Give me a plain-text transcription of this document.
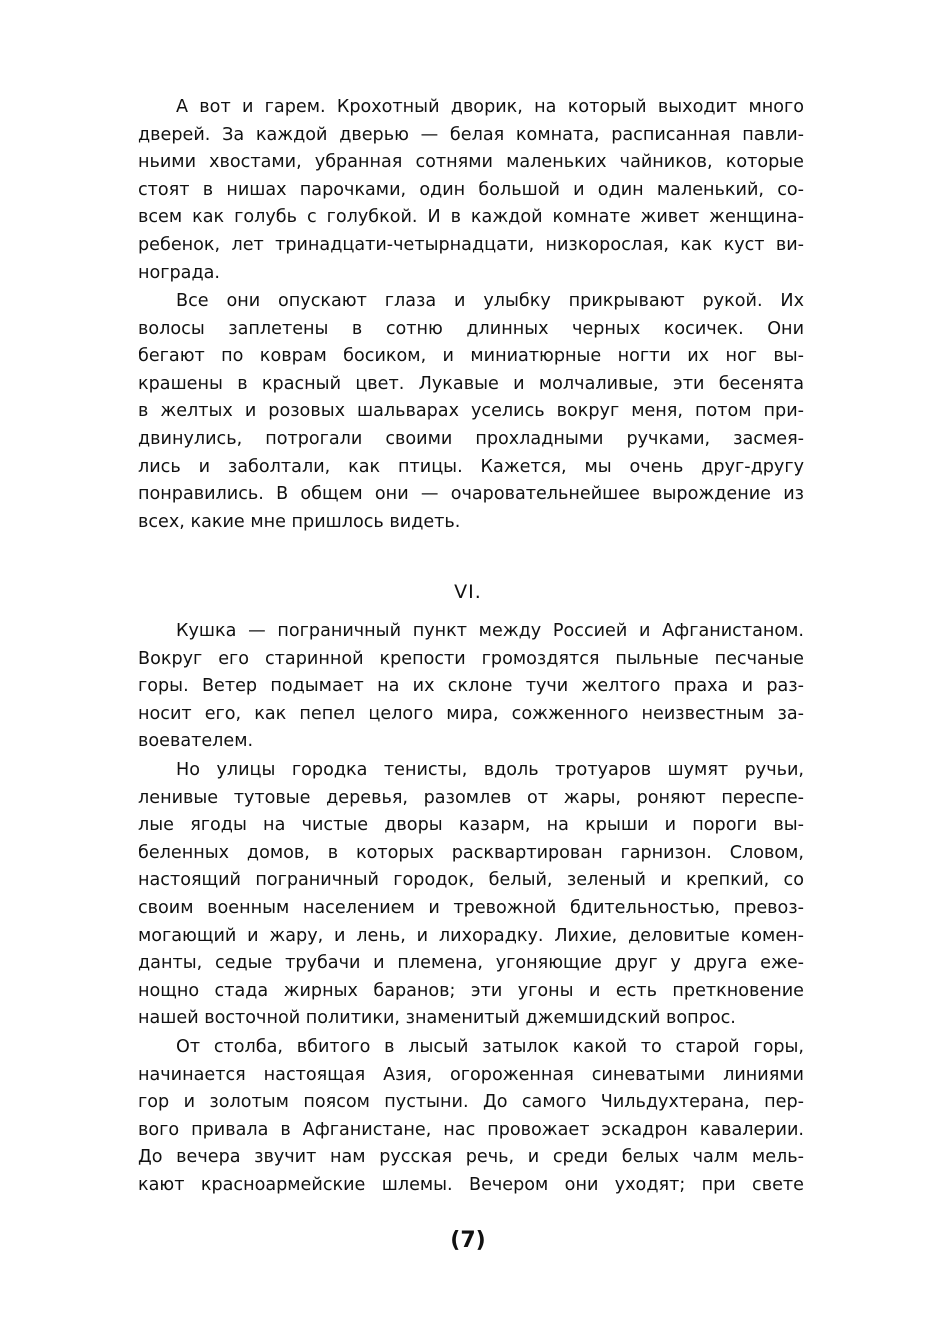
А вот и гарем. Крохотный дворик, на который выходит много
дверей. За каждой дверью — белая комната, расписанная павли-
ньими хвостами, убранная сотнями маленьких чайников, которые
стоят в нишах парочками, один большой и один маленький, со-
всем как голубь с голубкой. И в каждой комнате живет женщина-
ребенок, лет тринадцати-четырнадцати, низкорослая, как куст ви-
нограда.
Все они опускают глаза и улыбку прикрывают рукой. Их
волосы заплетены в сотню длинных черных косичек. Они
бегают по коврам босиком, и миниатюрные ногти их ног вы-
крашены в красный цвет. Лукавые и молчаливые, эти бесенята
в желтых и розовых шальварах уселись вокруг меня, потом при-
двинулись, потрогали своими прохладными ручками, засмея-
лись и заболтали, как птицы. Кажется, мы очень друг-другу
понравились. В общем они — очаровательнейшее вырождение из
всех, какие мне пришлось видеть.
VI.
Кушка — пограничный пункт между Россией и Афганистаном.
Вокруг его старинной крепости громоздятся пыльные песчаные
горы. Ветер подымает на их склоне тучи желтого праха и раз-
носит его, как пепел целого мира, сожженного неизвестным за-
воевателем.
Но улицы городка тенисты, вдоль тротуаров шумят ручьи,
ленивые тутовые деревья, разомлев от жары, роняют переспе-
лые ягоды на чистые дворы казарм, на крыши и пороги вы-
беленных домов, в которых расквартирован гарнизон. Словом,
настоящий пограничный городок, белый, зеленый и крепкий, со
своим военным населением и тревожной бдительностью, превоз-
могающий и жару, и лень, и лихорадку. Лихие, деловитые комен-
данты, седые трубачи и племена, угоняющие друг у друга еже-
нощно стада жирных баранов; эти угоны и есть преткновение
нашей восточной политики, знаменитый джемшидский вопрос.
От столба, вбитого в лысый затылок какой то старой горы,
начинается настоящая Азия, огороженная синеватыми линиями
гор и золотым поясом пустыни. До самого Чильдухтерана, пер-
вого привала в Афганистане, нас провожает эскадрон кавалерии.
До вечера звучит нам русская речь, и среди белых чалм мель-
кают красноармейские шлемы. Вечером они уходят; при свете
(7)
